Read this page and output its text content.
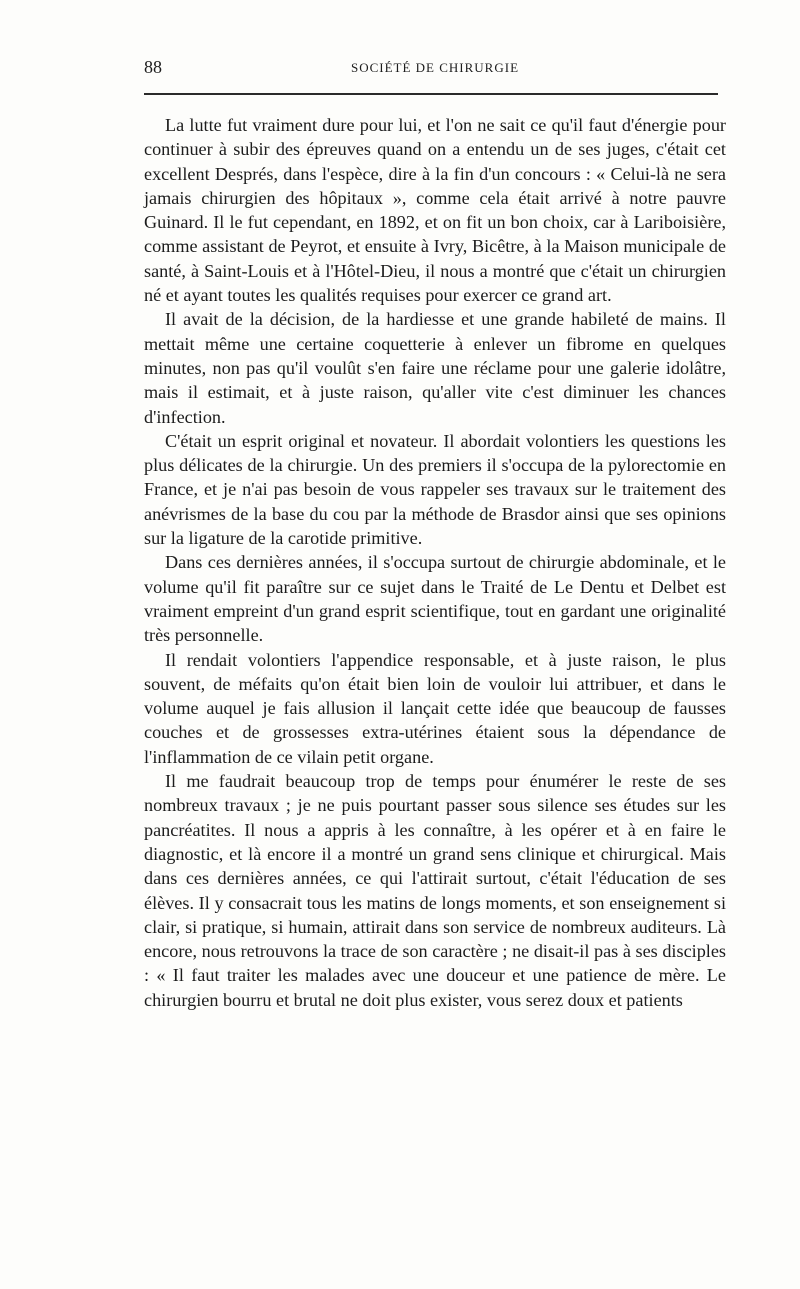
88	SOCIÉTÉ DE CHIRURGIE

La lutte fut vraiment dure pour lui, et l'on ne sait ce qu'il faut d'énergie pour continuer à subir des épreuves quand on a entendu un de ses juges, c'était cet excellent Després, dans l'espèce, dire à la fin d'un concours : « Celui-là ne sera jamais chirurgien des hôpitaux », comme cela était arrivé à notre pauvre Guinard. Il le fut cependant, en 1892, et on fit un bon choix, car à Lariboisière, comme assistant de Peyrot, et ensuite à Ivry, Bicêtre, à la Maison municipale de santé, à Saint-Louis et à l'Hôtel-Dieu, il nous a montré que c'était un chirurgien né et ayant toutes les qualités requises pour exercer ce grand art.

Il avait de la décision, de la hardiesse et une grande habileté de mains. Il mettait même une certaine coquetterie à enlever un fibrome en quelques minutes, non pas qu'il voulût s'en faire une réclame pour une galerie idolâtre, mais il estimait, et à juste raison, qu'aller vite c'est diminuer les chances d'infection.

C'était un esprit original et novateur. Il abordait volontiers les questions les plus délicates de la chirurgie. Un des premiers il s'occupa de la pylorectomie en France, et je n'ai pas besoin de vous rappeler ses travaux sur le traitement des anévrismes de la base du cou par la méthode de Brasdor ainsi que ses opinions sur la ligature de la carotide primitive.

Dans ces dernières années, il s'occupa surtout de chirurgie abdominale, et le volume qu'il fit paraître sur ce sujet dans le Traité de Le Dentu et Delbet est vraiment empreint d'un grand esprit scientifique, tout en gardant une originalité très personnelle.

Il rendait volontiers l'appendice responsable, et à juste raison, le plus souvent, de méfaits qu'on était bien loin de vouloir lui attribuer, et dans le volume auquel je fais allusion il lançait cette idée que beaucoup de fausses couches et de grossesses extra-utérines étaient sous la dépendance de l'inflammation de ce vilain petit organe.

Il me faudrait beaucoup trop de temps pour énumérer le reste de ses nombreux travaux ; je ne puis pourtant passer sous silence ses études sur les pancréatites. Il nous a appris à les connaître, à les opérer et à en faire le diagnostic, et là encore il a montré un grand sens clinique et chirurgical. Mais dans ces dernières années, ce qui l'attirait surtout, c'était l'éducation de ses élèves. Il y consacrait tous les matins de longs moments, et son enseignement si clair, si pratique, si humain, attirait dans son service de nombreux auditeurs. Là encore, nous retrouvons la trace de son caractère ; ne disait-il pas à ses disciples : « Il faut traiter les malades avec une douceur et une patience de mère. Le chirurgien bourru et brutal ne doit plus exister, vous serez doux et patients
